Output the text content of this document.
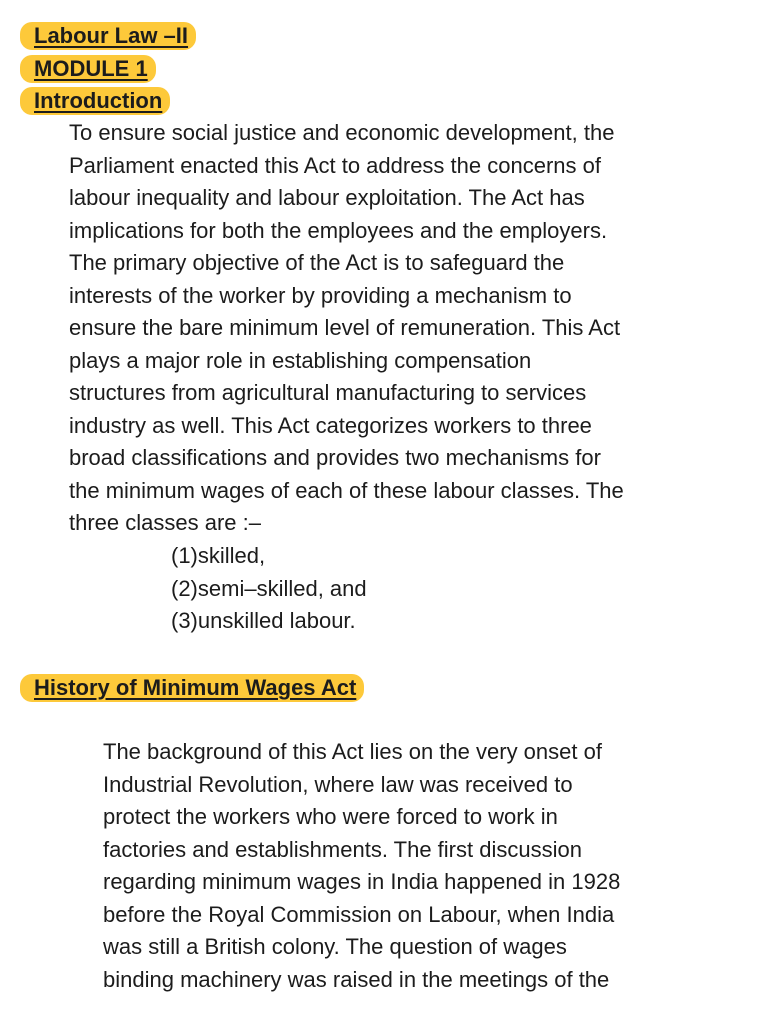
Labour Law –II
MODULE 1
Introduction
To ensure social justice and economic development, the
Parliament enacted this Act to address the concerns of
labour inequality and labour exploitation. The Act has
implications for both the employees and the employers.
The primary objective of the Act is to safeguard the
interests of the worker by providing a mechanism to
ensure the bare minimum level of remuneration. This Act
plays a major role in establishing compensation
structures from agricultural manufacturing to services
industry as well. This Act categorizes workers to three
broad classifications and provides two mechanisms for
the minimum wages of each of these labour classes. The
three classes are :–
(1)skilled,
(2)semi–skilled, and
(3)unskilled labour.
History of Minimum Wages Act
The background of this Act lies on the very onset of
Industrial Revolution, where law was received to
protect the workers who were forced to work in
factories and establishments. The first discussion
regarding minimum wages in India happened in 1928
before the Royal Commission on Labour, when India
was still a British colony. The question of wages
binding machinery was raised in the meetings of the
